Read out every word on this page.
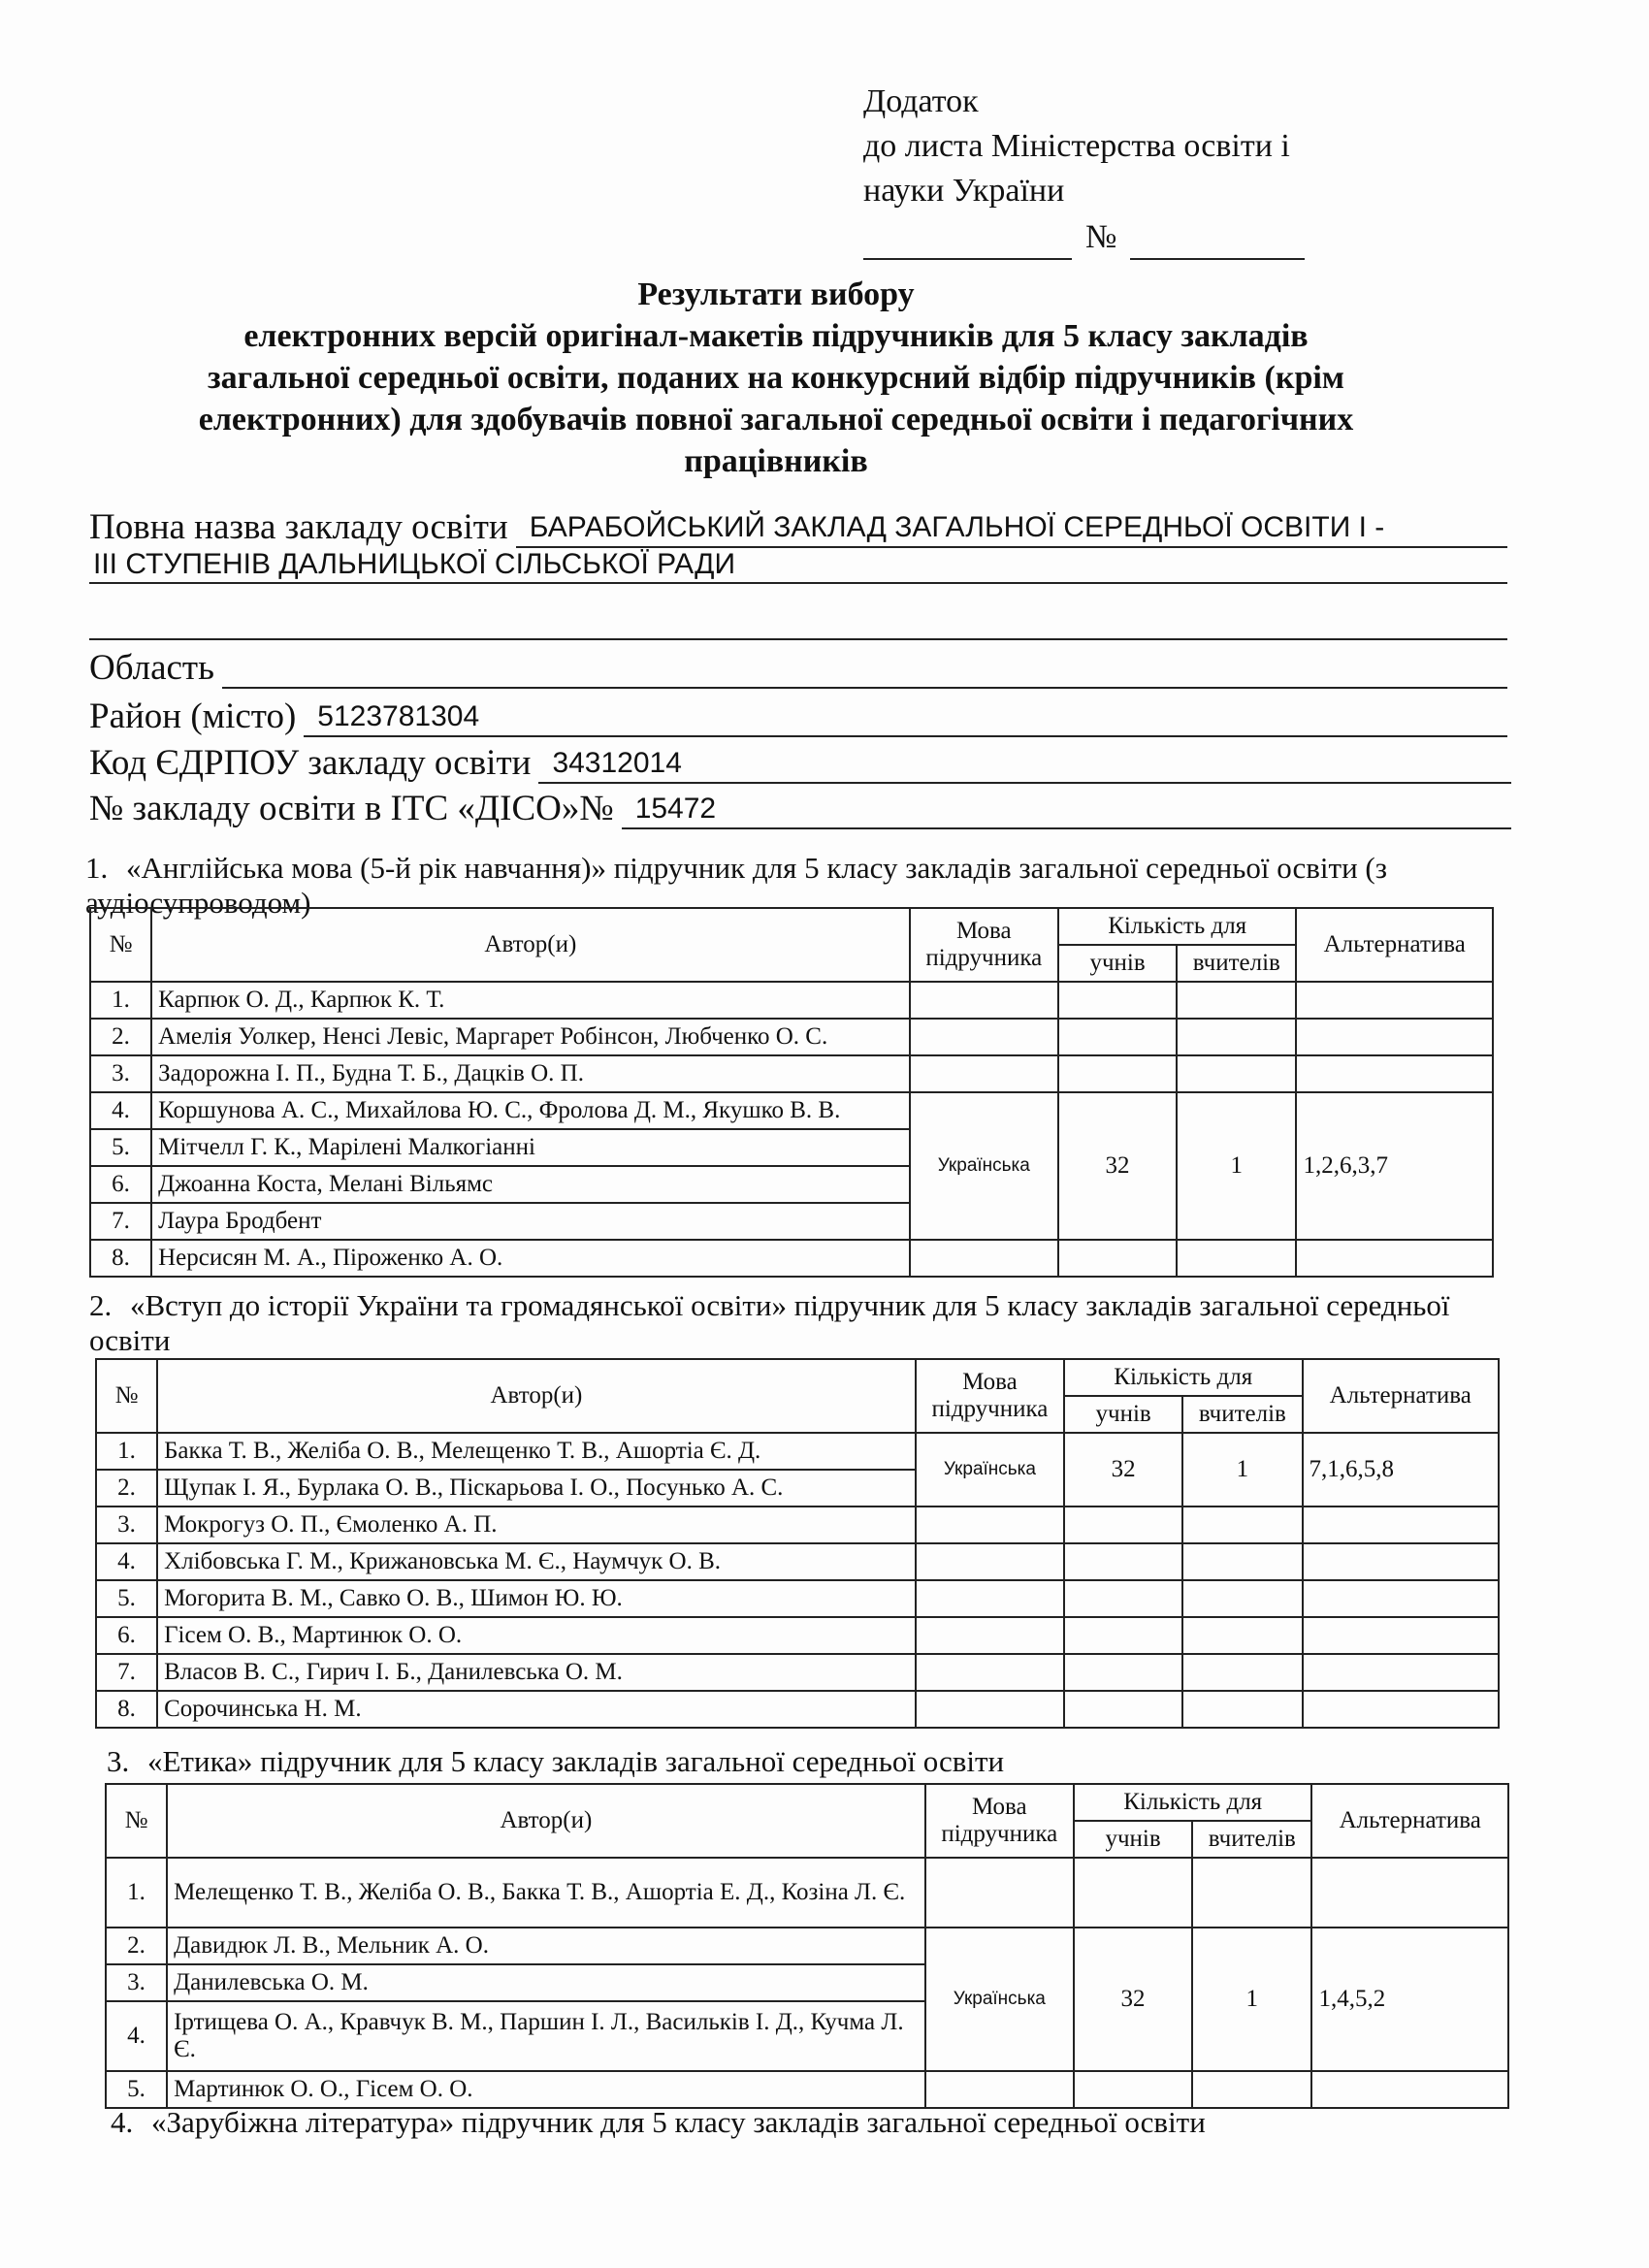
Додаток
до листа Міністерства освіти і
науки України
№
Результати вибору
електронних версій оригінал-макетів підручників для 5 класу закладів
загальної середньої освіти, поданих на конкурсний відбір підручників (крім
електронних) для здобувачів повної загальної середньої освіти і педагогічних
працівників
Повна назва закладу освіти БАРАБОЙСЬКИЙ ЗАКЛАД ЗАГАЛЬНОЇ СЕРЕДНЬОЇ ОСВІТИ І -
ІІІ СТУПЕНІВ ДАЛЬНИЦЬКОЇ СІЛЬСЬКОЇ РАДИ
Область
Район (місто) 5123781304
Код ЄДРПОУ закладу освіти 34312014
№ закладу освіти в ІТС «ДІСО»№ 15472
1. «Англійська мова (5-й рік навчання)» підручник для 5 класу закладів загальної середньої освіти (з аудіосупроводом)
№	Автор(и)	Мова підручника	Кількість для		Альтернатива
			учнів	вчителів	
1.	Карпюк О. Д., Карпюк К. Т.				
2.	Амелія Уолкер, Ненсі Левіс, Маргарет Робінсон, Любченко О. С.				
3.	Задорожна І. П., Будна Т. Б., Дацків О. П.				
4.	Коршунова А. С., Михайлова Ю. С., Фролова Д. М., Якушко В. В.	Українська	32	1	1,2,6,3,7
5.	Мітчелл Г. К., Марілені Малкогіанні				
6.	Джоанна Коста, Мелані Вільямс				
7.	Лаура Бродбент				
8.	Нерсисян М. А., Піроженко А. О.				
2. «Вступ до історії України та громадянської освіти» підручник для 5 класу закладів загальної середньої освіти
№	Автор(и)	Мова підручника	Кількість для		Альтернатива
			учнів	вчителів	
1.	Бакка Т. В., Желіба О. В., Мелещенко Т. В., Ашортіа Є. Д.	Українська	32	1	7,1,6,5,8
2.	Щупак І. Я., Бурлака О. В., Піскарьова І. О., Посунько А. С.				
3.	Мокрогуз О. П., Ємоленко А. П.				
4.	Хлібовська Г. М., Крижановська М. Є., Наумчук О. В.				
5.	Могорита В. М., Савко О. В., Шимон Ю. Ю.				
6.	Гісем О. В., Мартинюк О. О.				
7.	Власов В. С., Гирич І. Б., Данилевська О. М.				
8.	Сорочинська Н. М.				
3. «Етика» підручник для 5 класу закладів загальної середньої освіти
№	Автор(и)	Мова підручника	Кількість для		Альтернатива
			учнів	вчителів	
1.	Мелещенко Т. В., Желіба О. В., Бакка Т. В., Ашортіа Е. Д., Козіна Л. Є.				
2.	Давидюк Л. В., Мельник А. О.	Українська	32	1	1,4,5,2
3.	Данилевська О. М.				
4.	Іртищева О. А., Кравчук В. М., Паршин І. Л., Васильків І. Д., Кучма Л. Є.				
5.	Мартинюк О. О., Гісем О. О.				
4. «Зарубіжна література» підручник для 5 класу закладів загальної середньої освіти
